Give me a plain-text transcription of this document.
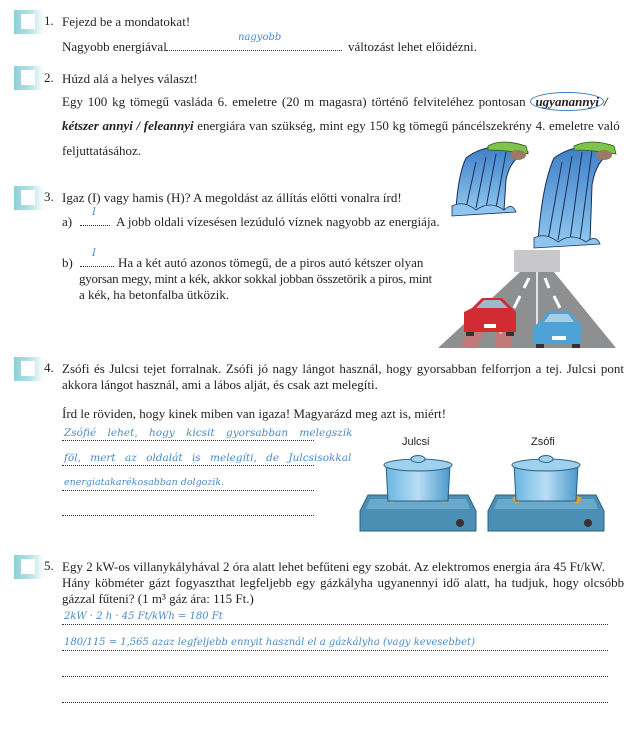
1. Fejezd be a mondatokat!
Nagyobb energiával
nagyobb
változást lehet előidézni.
2. Húzd alá a helyes választ!
Egy 100 kg tömegű vasláda 6. emeletre (20 m magasra) történő felviteléhez pontosan ugyanannyi /
kétszer annyi / feleannyi energiára van szükség, mint egy 150 kg tömegű páncélszekrény 4. emeletre való
feljuttatásához.
3. Igaz (I) vagy hamis (H)? A megoldást az állítás előtti vonalra írd!
a)
I
A jobb oldali vízesésen lezúduló víznek nagyobb az energiája.
b)
I
Ha a két autó azonos tömegű, de a piros autó kétszer olyan
gyorsan megy, mint a kék, akkor sokkal jobban összetörik a piros, mint
a kék, ha betonfalba ütközik.
4. Zsófi és Julcsi tejet forralnak. Zsófi jó nagy lángot használ, hogy gyorsabban felforrjon a tej. Julcsi pont
akkora lángot használ, ami a lábos alját, és csak azt melegíti.
Írd le röviden, hogy kinek miben van igaza! Magyarázd meg azt is, miért!
Zsófié lehet, hogy kicsit gyorsabban melegszik
föl, mert az oldalát is melegíti, de Julcsisokkal
energiatakarékosabban dolgozik.
Julcsi	Zsófi
5. Egy 2 kW-os villanykályhával 2 óra alatt lehet befűteni egy szobát. Az elektromos energia ára 45 Ft/kW.
Hány köbméter gázt fogyaszthat legfeljebb egy gázkályha ugyanennyi idő alatt, ha tudjuk, hogy olcsóbb
gázzal fűteni? (1 m³ gáz ára: 115 Ft.)
2kW · 2 h · 45 Ft/kWh = 180 Ft
180/115 = 1,565 azaz legfeljebb ennyit használ el a gázkályha (vagy kevesebbet)
